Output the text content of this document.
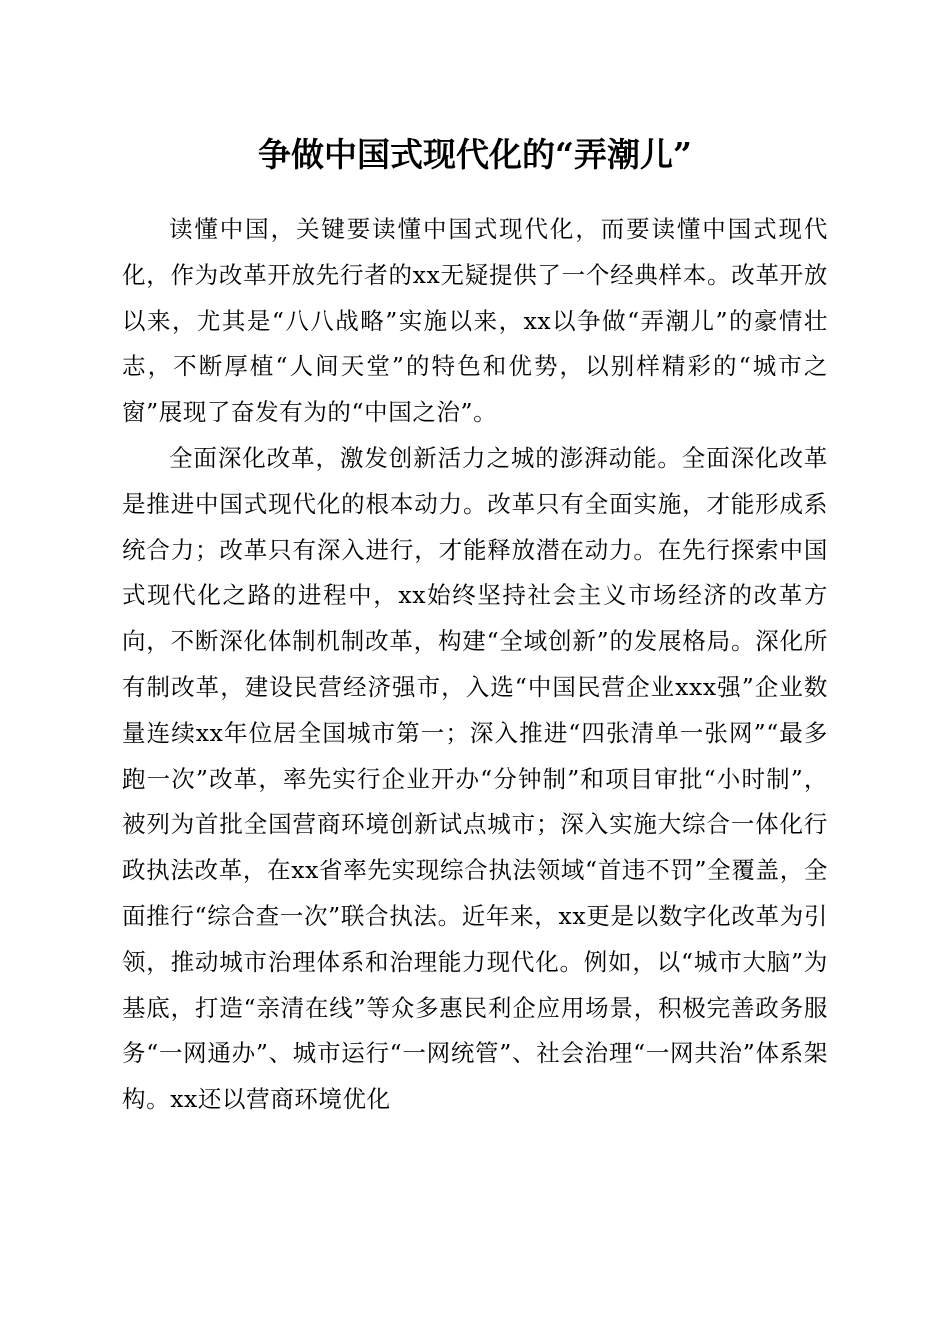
争做中国式现代化的“弄潮儿”

读懂中国，关键要读懂中国式现代化，而要读懂中国式现代化，作为改革开放先行者的xx无疑提供了一个经典样本。改革开放以来，尤其是“八八战略”实施以来，xx以争做“弄潮儿”的豪情壮志，不断厚植“人间天堂”的特色和优势，以别样精彩的“城市之窗”展现了奋发有为的“中国之治”。

全面深化改革，激发创新活力之城的澎湃动能。全面深化改革是推进中国式现代化的根本动力。改革只有全面实施，才能形成系统合力；改革只有深入进行，才能释放潜在动力。在先行探索中国式现代化之路的进程中，xx始终坚持社会主义市场经济的改革方向，不断深化体制机制改革，构建“全域创新”的发展格局。深化所有制改革，建设民营经济强市，入选“中国民营企业xxx强”企业数量连续xx年位居全国城市第一；深入推进“四张清单一张网”“最多跑一次”改革，率先实行企业开办“分钟制”和项目审批“小时制”，被列为首批全国营商环境创新试点城市；深入实施大综合一体化行政执法改革，在xx省率先实现综合执法领域“首违不罚”全覆盖，全面推行“综合查一次”联合执法。近年来，xx更是以数字化改革为引领，推动城市治理体系和治理能力现代化。例如，以“城市大脑”为基底，打造“亲清在线”等众多惠民利企应用场景，积极完善政务服务“一网通办”、城市运行“一网统管”、社会治理“一网共治”体系架构。xx还以营商环境优化
